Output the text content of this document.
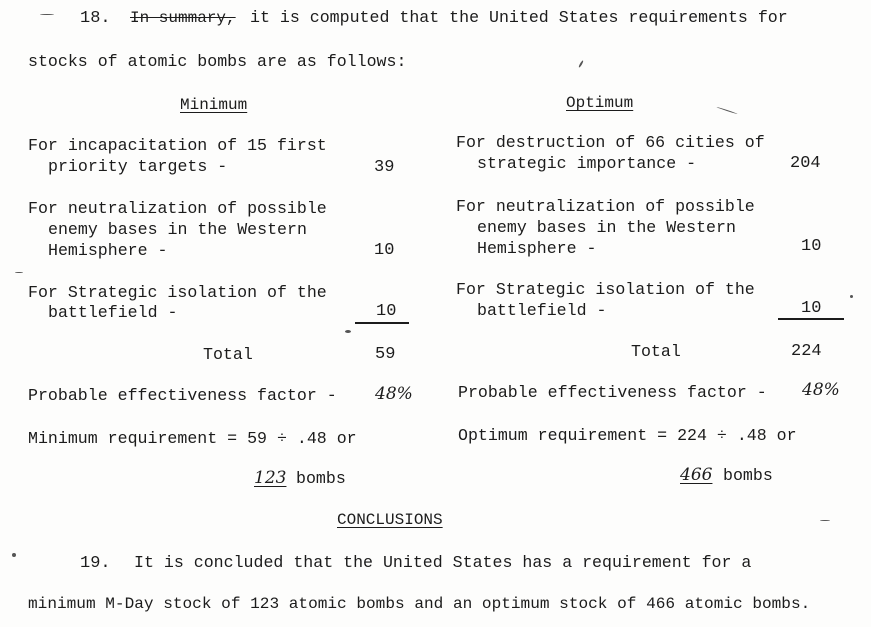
18. In summary, it is computed that the United States requirements for
stocks of atomic bombs are as follows:
Minimum
For incapacitation of 15 first
priority targets -	39
For neutralization of possible
enemy bases in the Western
Hemisphere -	10
For Strategic isolation of the
battlefield -	10
Total	59
Probable effectiveness factor - 48%
Minimum requirement = 59 ÷ .48 or
123 bombs
Optimum
For destruction of 66 cities of
strategic importance -	204
For neutralization of possible
enemy bases in the Western
Hemisphere -	10
For Strategic isolation of the
battlefield -	10
Total	224
Probable effectiveness factor - 48%
Optimum requirement = 224 ÷ .48 or
466 bombs
CONCLUSIONS
19. It is concluded that the United States has a requirement for a
minimum M-Day stock of 123 atomic bombs and an optimum stock of 466 atomic bombs.
